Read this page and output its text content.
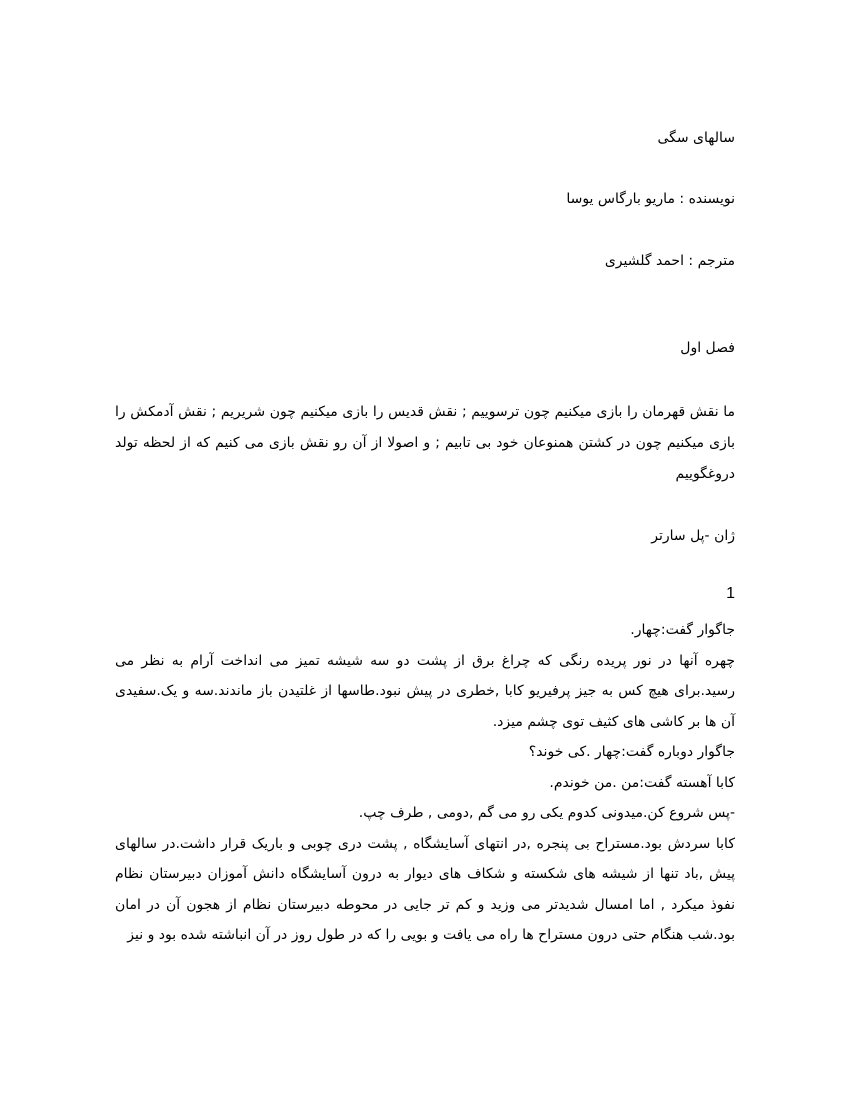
سالهای سگی

نویسنده : ماریو بارگاس یوسا

مترجم : احمد گلشیری

فصل اول

ما نقش قهرمان را بازی میکنیم چون ترسوییم ; نقش قدیس را بازی میکنیم چون شریریم ; نقش آدمکش را بازی میکنیم چون در کشتن همنوعان خود بی تابیم ; و اصولا از آن رو نقش بازی می کنیم که از لحظه تولد دروغگوییم

ژان -پل سارتر

1

جاگوار گفت:چهار.

چهره آنها در نور پریده رنگی که چراغ برق از پشت دو سه شیشه تمیز می انداخت آرام به نظر می رسید.برای هیچ کس به جیز پرفیریو کابا ,خطری در پیش نبود.طاسها از غلتیدن باز ماندند.سه و یک.سفیدی آن ها بر کاشی های کثیف توی چشم میزد.

جاگوار دوباره گفت:چهار .کی خوند؟

کابا آهسته گفت:من .من خوندم.

-پس شروع کن.میدونی کدوم یکی رو می گم ,دومی , طرف چپ.

کابا سردش بود.مستراح بی پنجره ,در انتهای آسایشگاه , پشت دری چوبی و باریک قرار داشت.در سالهای پیش ,باد تنها از شیشه های شکسته و شکاف های دیوار به درون آسایشگاه دانش آموزان دبیرستان نظام نفوذ میکرد , اما امسال شدیدتر می وزید و کم تر جایی در محوطه دبیرستان نظام از هجون آن در امان بود.شب هنگام حتی درون مستراح ها راه می یافت و بویی را که در طول روز در آن انباشته شده بود و نیز
